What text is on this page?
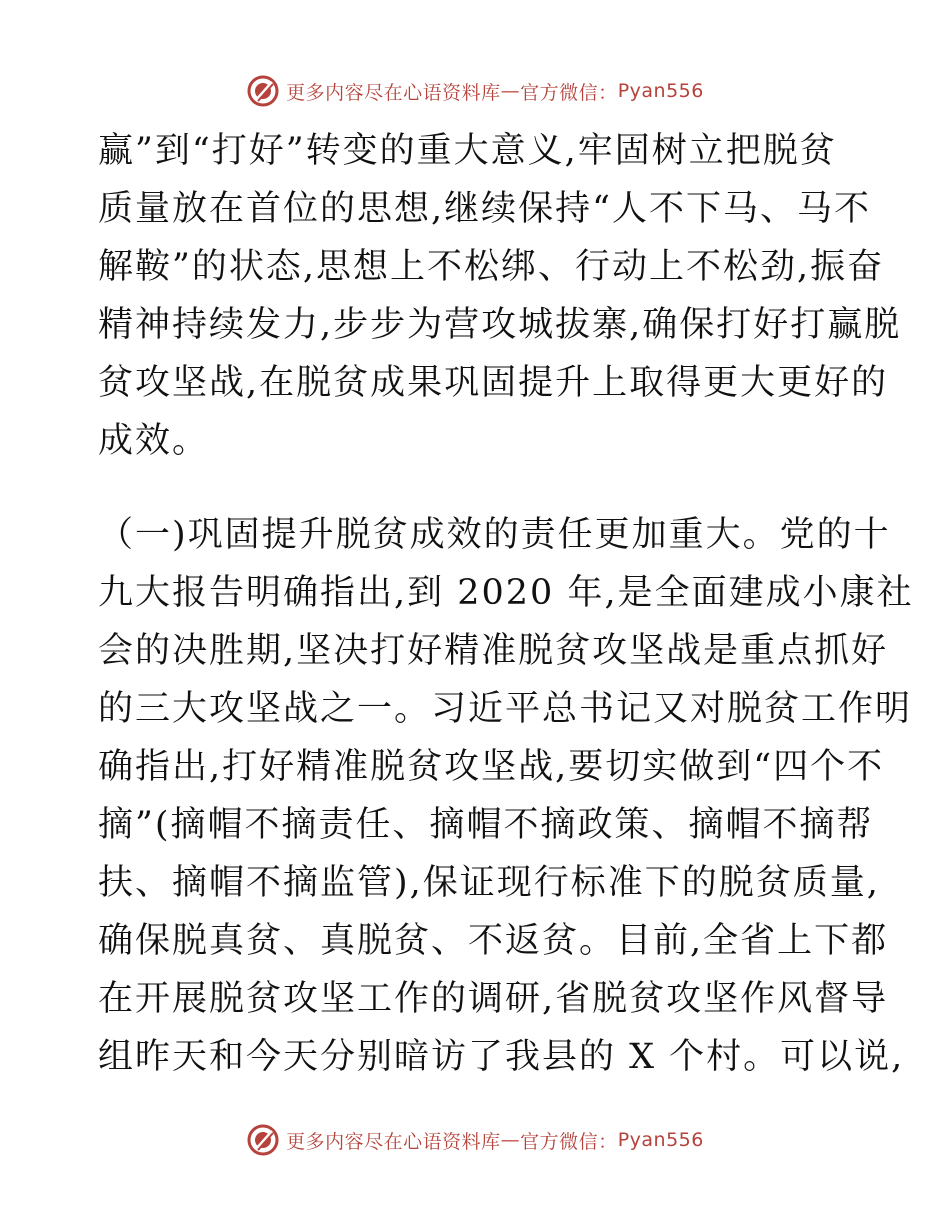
更多内容尽在心语资料库 — 官方微信： Pyan556
赢”到“打好”转变的重大意义,牢固树立把脱贫
质量放在首位的思想,继续保持“人不下马、马不
解鞍”的状态,思想上不松绑、行动上不松劲,振奋
精神持续发力,步步为营攻城拔寨,确保打好打赢脱
贫攻坚战,在脱贫成果巩固提升上取得更大更好的
成效。
（一)巩固提升脱贫成效的责任更加重大。党的十
九大报告明确指出,到 2020 年,是全面建成小康社
会的决胜期,坚决打好精准脱贫攻坚战是重点抓好
的三大攻坚战之一。习近平总书记又对脱贫工作明
确指出,打好精准脱贫攻坚战,要切实做到“四个不
摘”(摘帽不摘责任、摘帽不摘政策、摘帽不摘帮
扶、摘帽不摘监管),保证现行标准下的脱贫质量,
确保脱真贫、真脱贫、不返贫。目前,全省上下都
在开展脱贫攻坚工作的调研,省脱贫攻坚作风督导
组昨天和今天分别暗访了我县的 X 个村。可以说,
更多内容尽在心语资料库 — 官方微信： Pyan556
